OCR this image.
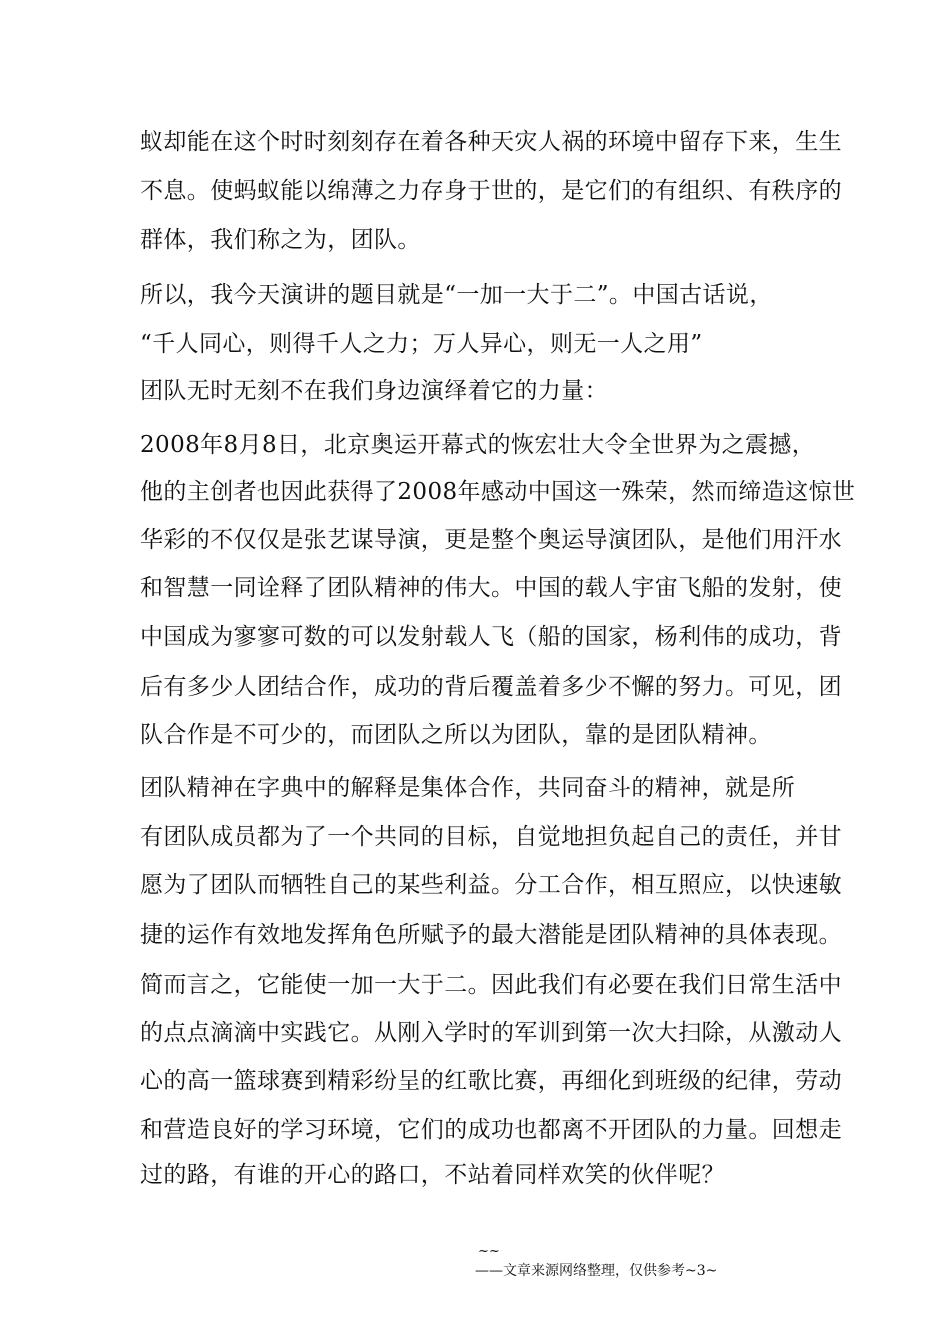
蚁却能在这个时时刻刻存在着各种天灾人祸的环境中留存下来，生生
不息。使蚂蚁能以绵薄之力存身于世的，是它们的有组织、有秩序的
群体，我们称之为，团队。
所以，我今天演讲的题目就是“一加一大于二”。中国古话说，
“千人同心，则得千人之力；万人异心，则无一人之用”
团队无时无刻不在我们身边演绎着它的力量：
2008年8月8日，北京奥运开幕式的恢宏壮大令全世界为之震撼，
他的主创者也因此获得了2008年感动中国这一殊荣，然而缔造这惊世
华彩的不仅仅是张艺谋导演，更是整个奥运导演团队，是他们用汗水
和智慧一同诠释了团队精神的伟大。中国的载人宇宙飞船的发射，使
中国成为寥寥可数的可以发射载人飞（船的国家，杨利伟的成功，背
后有多少人团结合作，成功的背后覆盖着多少不懈的努力。可见，团
队合作是不可少的，而团队之所以为团队，靠的是团队精神。
团队精神在字典中的解释是集体合作，共同奋斗的精神，就是所
有团队成员都为了一个共同的目标，自觉地担负起自己的责任，并甘
愿为了团队而牺牲自己的某些利益。分工合作，相互照应，以快速敏
捷的运作有效地发挥角色所赋予的最大潜能是团队精神的具体表现。
简而言之，它能使一加一大于二。因此我们有必要在我们日常生活中
的点点滴滴中实践它。从刚入学时的军训到第一次大扫除，从激动人
心的高一篮球赛到精彩纷呈的红歌比赛，再细化到班级的纪律，劳动
和营造良好的学习环境，它们的成功也都离不开团队的力量。回想走
过的路，有谁的开心的路口，不站着同样欢笑的伙伴呢？
~~
——文章来源网络整理，仅供参考~3~
